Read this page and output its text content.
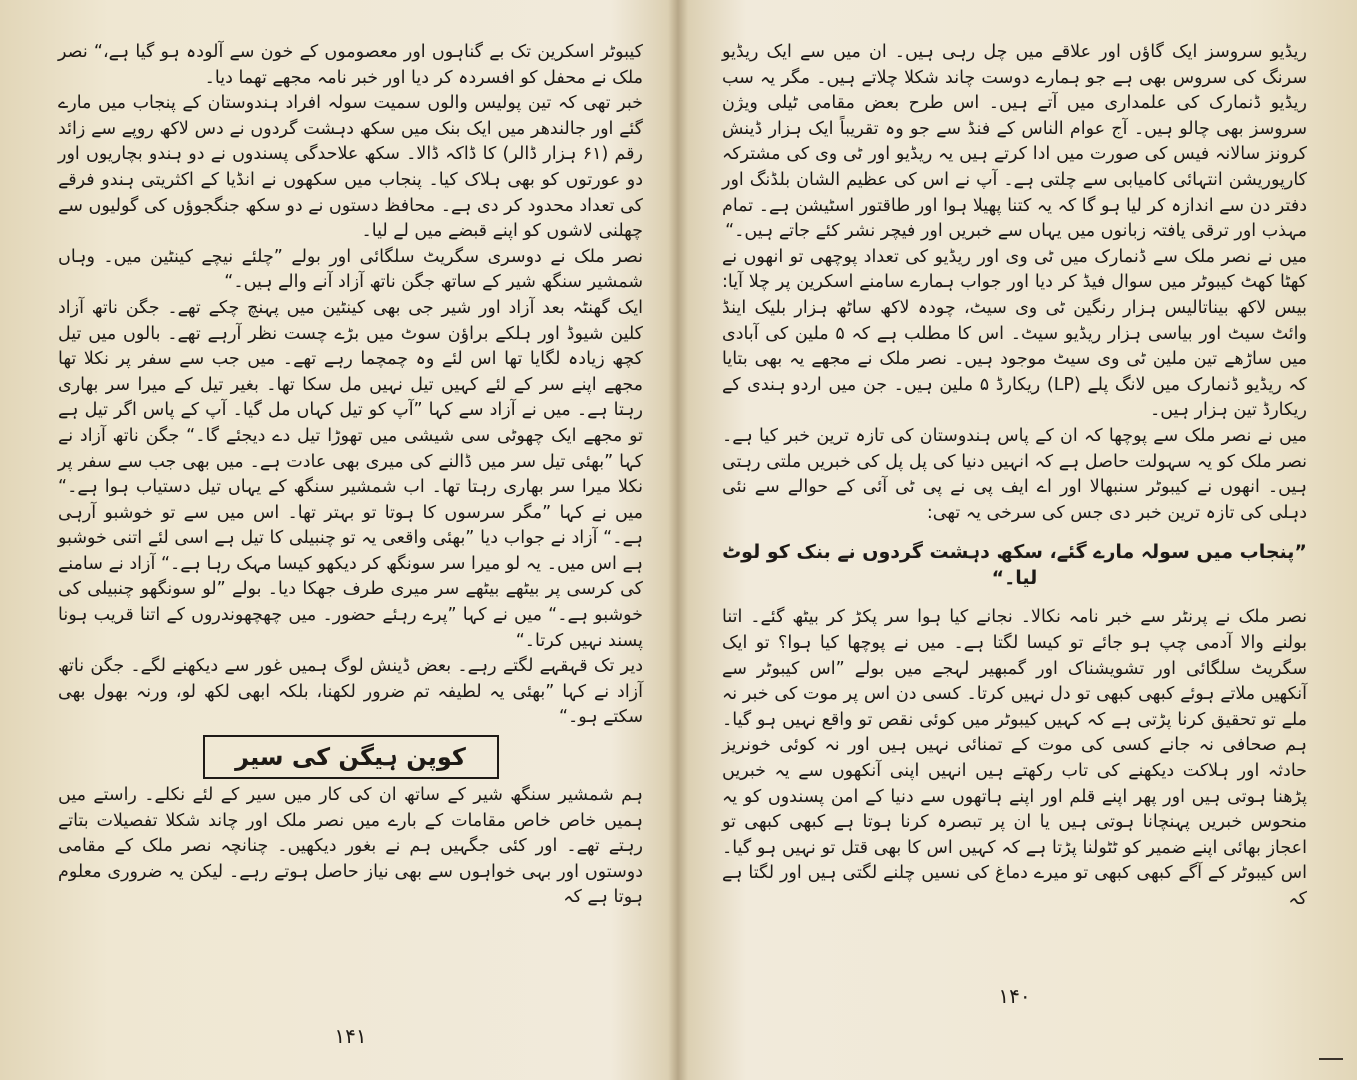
کیبوٹر اسکرین تک بے گناہوں اور معصوموں کے خون سے آلودہ ہو گیا ہے،“ نصر ملک نے محفل کو افسردہ کر دیا اور خبر نامہ مجھے تھما دیا۔

خبر تھی کہ تین پولیس والوں سمیت سولہ افراد ہندوستان کے پنجاب میں مارے گئے اور جالندھر میں ایک بنک میں سکھ دہشت گردوں نے دس لاکھ روپے سے زائد رقم (۶۱ ہزار ڈالر) کا ڈاکہ ڈالا۔ سکھ علاحدگی پسندوں نے دو ہندو بچاریوں اور دو عورتوں کو بھی ہلاک کیا۔ پنجاب میں سکھوں نے انڈیا کے اکثریتی ہندو فرقے کی تعداد محدود کر دی ہے۔ محافظ دستوں نے دو سکھ جنگجوؤں کی گولیوں سے چھلنی لاشوں کو اپنے قبضے میں لے لیا۔

نصر ملک نے دوسری سگریٹ سلگائی اور بولے ”چلئے نیچے کینٹین میں۔ وہاں شمشیر سنگھ شیر کے ساتھ جگن ناتھ آزاد آنے والے ہیں۔“

ایک گھنٹہ بعد آزاد اور شیر جی بھی کینٹین میں پہنچ چکے تھے۔ جگن ناتھ آزاد کلین شیوڈ اور ہلکے براؤن سوٹ میں بڑے چست نظر آرہے تھے۔ بالوں میں تیل کچھ زیادہ لگایا تھا اس لئے وہ چمچما رہے تھے۔ میں جب سے سفر پر نکلا تھا مجھے اپنے سر کے لئے کہیں تیل نہیں مل سکا تھا۔ بغیر تیل کے میرا سر بھاری رہتا ہے۔ میں نے آزاد سے کہا ”آپ کو تیل کہاں مل گیا۔ آپ کے پاس اگر تیل ہے تو مجھے ایک چھوٹی سی شیشی میں تھوڑا تیل دے دیجئے گا۔“ جگن ناتھ آزاد نے کہا ”بھئی تیل سر میں ڈالنے کی میری بھی عادت ہے۔ میں بھی جب سے سفر پر نکلا میرا سر بھاری رہتا تھا۔ اب شمشیر سنگھ کے یہاں تیل دستیاب ہوا ہے۔“ میں نے کہا ”مگر سرسوں کا ہوتا تو بہتر تھا۔ اس میں سے تو خوشبو آرہی ہے۔“ آزاد نے جواب دیا ”بھئی واقعی یہ تو چنبیلی کا تیل ہے اسی لئے اتنی خوشبو ہے اس میں۔ یہ لو میرا سر سونگھ کر دیکھو کیسا مہک رہا ہے۔“ آزاد نے سامنے کی کرسی پر بیٹھے بیٹھے سر میری طرف جھکا دیا۔ بولے ”لو سونگھو چنبیلی کی خوشبو ہے۔“ میں نے کہا ”پرے رہئے حضور۔ میں چھچھوندروں کے اتنا قریب ہونا پسند نہیں کرتا۔“

دیر تک قہقہے لگتے رہے۔ بعض ڈینش لوگ ہمیں غور سے دیکھنے لگے۔ جگن ناتھ آزاد نے کہا ”بھئی یہ لطیفہ تم ضرور لکھنا، بلکہ ابھی لکھ لو، ورنہ بھول بھی سکتے ہو۔“

کوپن ہیگن کی سیر

ہم شمشیر سنگھ شیر کے ساتھ ان کی کار میں سیر کے لئے نکلے۔ راستے میں ہمیں خاص خاص مقامات کے بارے میں نصر ملک اور چاند شکلا تفصیلات بتاتے رہتے تھے۔ اور کئی جگہیں ہم نے بغور دیکھیں۔ چنانچہ نصر ملک کے مقامی دوستوں اور بہی خواہوں سے بھی نیاز حاصل ہوتے رہے۔ لیکن یہ ضروری معلوم ہوتا ہے کہ

۱۴۱

ریڈیو سروسز ایک گاؤں اور علاقے میں چل رہی ہیں۔ ان میں سے ایک ریڈیو سرنگ کی سروس بھی ہے جو ہمارے دوست چاند شکلا چلاتے ہیں۔ مگر یہ سب ریڈیو ڈنمارک کی علمداری میں آتے ہیں۔ اس طرح بعض مقامی ٹیلی ویژن سروسز بھی چالو ہیں۔ آج عوام الناس کے فنڈ سے جو وہ تقریباً ایک ہزار ڈینش کرونز سالانہ فیس کی صورت میں ادا کرتے ہیں یہ ریڈیو اور ٹی وی کی مشترکہ کارپوریشن انتہائی کامیابی سے چلتی ہے۔ آپ نے اس کی عظیم الشان بلڈنگ اور دفتر دن سے اندازہ کر لیا ہو گا کہ یہ کتنا پھیلا ہوا اور طاقتور اسٹیشن ہے۔ تمام مہذب اور ترقی یافتہ زبانوں میں یہاں سے خبریں اور فیچر نشر کئے جاتے ہیں۔“

میں نے نصر ملک سے ڈنمارک میں ٹی وی اور ریڈیو کی تعداد پوچھی تو انھوں نے کھٹا کھٹ کیبوٹر میں سوال فیڈ کر دیا اور جواب ہمارے سامنے اسکرین پر چلا آیا: بیس لاکھ بیناتالیس ہزار رنگین ٹی وی سیٹ، چودہ لاکھ ساٹھ ہزار بلیک اینڈ وائٹ سیٹ اور بیاسی ہزار ریڈیو سیٹ۔ اس کا مطلب ہے کہ ۵ ملین کی آبادی میں ساڑھے تین ملین ٹی وی سیٹ موجود ہیں۔ نصر ملک نے مجھے یہ بھی بتایا کہ ریڈیو ڈنمارک میں لانگ پلے (LP) ریکارڈ ۵ ملین ہیں۔ جن میں اردو ہندی کے ریکارڈ تین ہزار ہیں۔

میں نے نصر ملک سے پوچھا کہ ان کے پاس ہندوستان کی تازہ ترین خبر کیا ہے۔ نصر ملک کو یہ سہولت حاصل ہے کہ انہیں دنیا کی پل پل کی خبریں ملتی رہتی ہیں۔ انھوں نے کیبوٹر سنبھالا اور اے ایف پی نے پی ٹی آئی کے حوالے سے نئی دہلی کی تازہ ترین خبر دی جس کی سرخی یہ تھی:

”پنجاب میں سولہ مارے گئے، سکھ دہشت گردوں نے بنک کو لوٹ لیا۔“

نصر ملک نے پرنٹر سے خبر نامہ نکالا۔ نجانے کیا ہوا سر پکڑ کر بیٹھ گئے۔ اتنا بولنے والا آدمی چپ ہو جائے تو کیسا لگتا ہے۔ میں نے پوچھا کیا ہوا؟ تو ایک سگریٹ سلگائی اور تشویشناک اور گمبھیر لہجے میں بولے ”اس کیبوٹر سے آنکھیں ملاتے ہوئے کبھی کبھی تو دل نہیں کرتا۔ کسی دن اس پر موت کی خبر نہ ملے تو تحقیق کرنا پڑتی ہے کہ کہیں کیبوٹر میں کوئی نقص تو واقع نہیں ہو گیا۔ ہم صحافی نہ جانے کسی کی موت کے تمنائی نہیں ہیں اور نہ کوئی خونریز حادثہ اور ہلاکت دیکھنے کی تاب رکھتے ہیں انہیں اپنی آنکھوں سے یہ خبریں پڑھنا ہوتی ہیں اور پھر اپنے قلم اور اپنے ہاتھوں سے دنیا کے امن پسندوں کو یہ منحوس خبریں پہنچانا ہوتی ہیں یا ان پر تبصرہ کرنا ہوتا ہے کبھی کبھی تو اعجاز بھائی اپنے ضمیر کو ٹٹولنا پڑتا ہے کہ کہیں اس کا بھی قتل تو نہیں ہو گیا۔ اس کیبوٹر کے آگے کبھی کبھی تو میرے دماغ کی نسیں چلنے لگتی ہیں اور لگتا ہے کہ

۱۴۰
